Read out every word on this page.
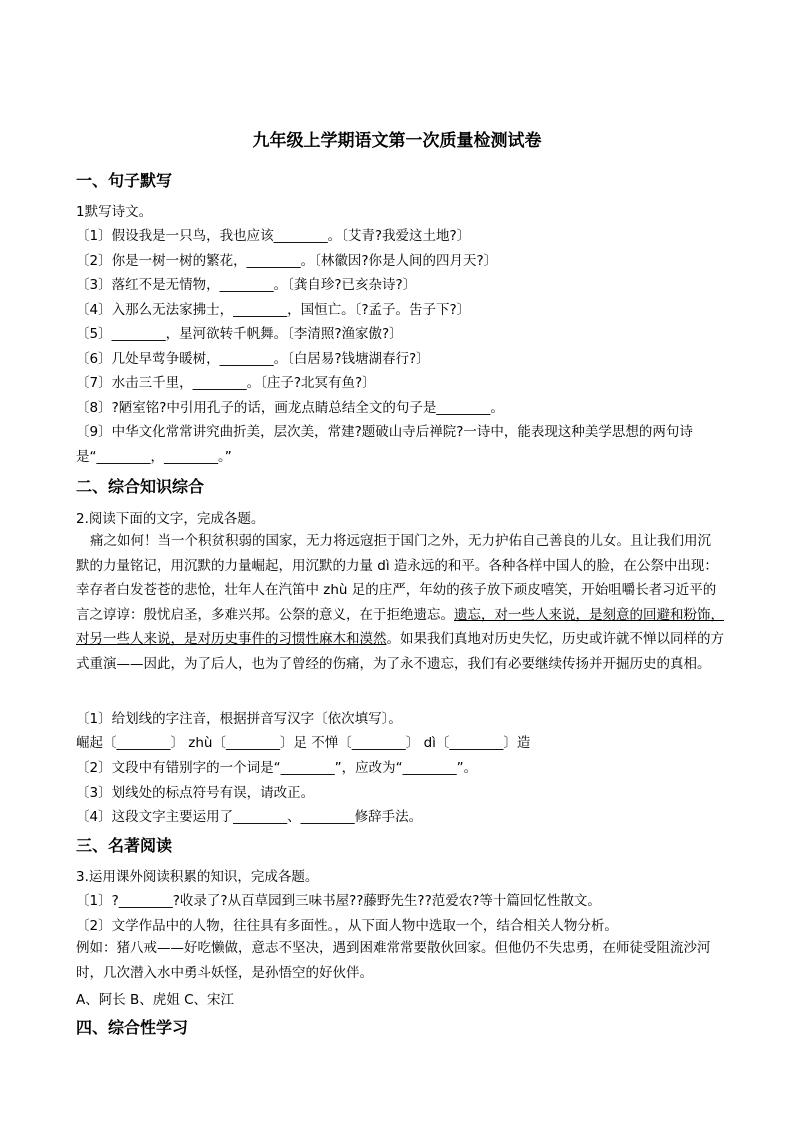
九年级上学期语文第一次质量检测试卷
一、句子默写
1默写诗文。
〔1〕假设我是一只鸟，我也应该________。〔艾青?我爱这土地?〕
〔2〕你是一树一树的繁花，________。〔林徽因?你是人间的四月天?〕
〔3〕落红不是无情物，________。〔龚自珍?已亥杂诗?〕
〔4〕入那么无法家拂士，________，国恒亡。〔?孟子。吿子下?〕
〔5〕________，星河欲转千帆舞。〔李清照?渔家傲?〕
〔6〕几处早莺争暖树，________。〔白居易?钱塘湖春行?〕
〔7〕水击三千里，________。〔庄子?北冥有鱼?〕
〔8〕?陋室铭?中引用孔子的话，画龙点睛总结全文的句子是________。
〔9〕中华文化常常讲究曲折美，层次美，常建?题破山寺后禅院?一诗中，能表现这种美学思想的两句诗
是“________，________。”
二、综合知识综合
2.阅读下面的文字，完成各题。
痛之如何！当一个积贫积弱的国家，无力将远寇拒于国门之外，无力护佑自己善良的儿女。且让我们用沉默的力量铭记，用沉默的力量崛起，用沉默的力量 dì 造永远的和平。各种各样中国人的脸，在公祭中出现：幸存者白发苍苍的悲怆，壮年人在汽笛中 zhù 足的庄严，年幼的孩子放下顽皮嘻笑，开始咀嚼长者习近平的言之谆谆：殷忧启圣，多难兴邦。公祭的意义，在于拒绝遗忘。遗忘，对一些人来说，是刻意的回避和粉饰，对另一些人来说，是对历史事件的习惯性麻木和漠然。如果我们真地对历史失忆，历史或许就不惮以同样的方式重演——因此，为了后人，也为了曾经的伤痛，为了永不遗忘，我们有必要继续传扬并开掘历史的真相。
〔1〕给划线的字注音，根据拼音写汉字〔依次填写〕。
崛起〔________〕 zhù〔________〕足 不惮〔________〕 dì〔________〕造
〔2〕文段中有错别字的一个词是“________”，应改为“________”。
〔3〕划线处的标点符号有误，请改正。
〔4〕这段文字主要运用了________、________修辞手法。
三、名著阅读
3.运用课外阅读积累的知识，完成各题。
〔1〕?________?收录了?从百草园到三味书屋??藤野先生??范爱农?等十篇回忆性散文。
〔2〕文学作品中的人物，往往具有多面性。，从下面人物中选取一个，结合相关人物分析。
例如：猪八戒——好吃懒做，意志不坚决，遇到困难常常要散伙回家。但他仍不失忠勇，在师徒受阻流沙河时，几次潜入水中勇斗妖怪，是孙悟空的好伙伴。
A、阿长 B、虎姐 C、宋江
四、综合性学习
